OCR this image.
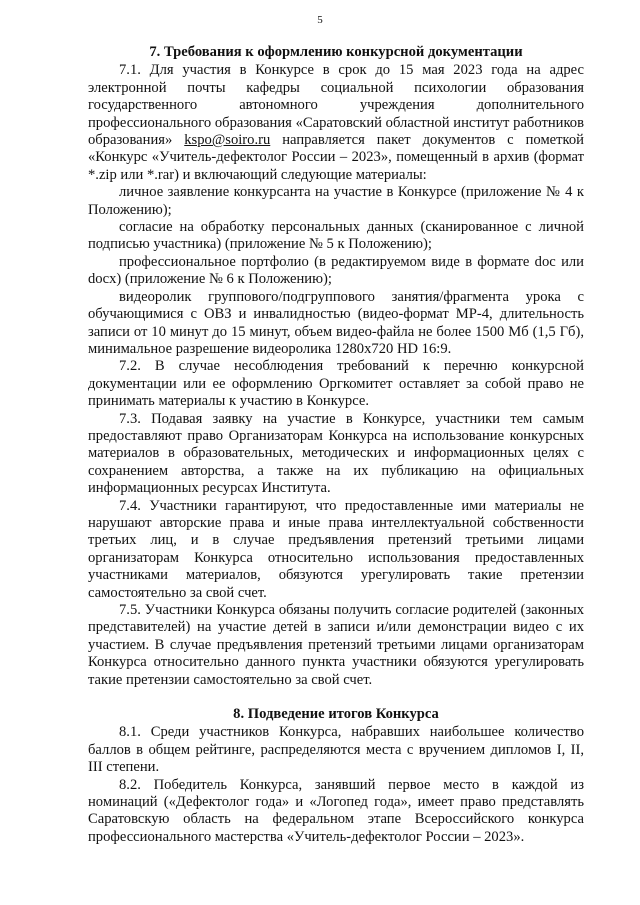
5
7. Требования к оформлению конкурсной документации

7.1. Для участия в Конкурсе в срок до 15 мая 2023 года на адрес электронной почты кафедры социальной психологии образования государственного автономного учреждения дополнительного профессионального образования «Саратовский областной институт работников образования» kspo@soiro.ru направляется пакет документов с пометкой «Конкурс «Учитель-дефектолог России – 2023», помещенный в архив (формат *.zip или *.rar) и включающий следующие материалы:

личное заявление конкурсанта на участие в Конкурсе (приложение № 4 к Положению);

согласие на обработку персональных данных (сканированное с личной подписью участника) (приложение № 5 к Положению);

профессиональное портфолио (в редактируемом виде в формате doc или docx) (приложение № 6 к Положению);

видеоролик группового/подгруппового занятия/фрагмента урока с обучающимися с ОВЗ и инвалидностью (видео-формат МР-4, длительность записи от 10 минут до 15 минут, объем видео-файла не более 1500 Мб (1,5 Гб), минимальное разрешение видеоролика 1280х720 HD 16:9.

7.2. В случае несоблюдения требований к перечню конкурсной документации или ее оформлению Оргкомитет оставляет за собой право не принимать материалы к участию в Конкурсе.

7.3. Подавая заявку на участие в Конкурсе, участники тем самым предоставляют право Организаторам Конкурса на использование конкурсных материалов в образовательных, методических и информационных целях с сохранением авторства, а также на их публикацию на официальных информационных ресурсах Института.

7.4. Участники гарантируют, что предоставленные ими материалы не нарушают авторские права и иные права интеллектуальной собственности третьих лиц, и в случае предъявления претензий третьими лицами организаторам Конкурса относительно использования предоставленных участниками материалов, обязуются урегулировать такие претензии самостоятельно за свой счет.

7.5. Участники Конкурса обязаны получить согласие родителей (законных представителей) на участие детей в записи и/или демонстрации видео с их участием. В случае предъявления претензий третьими лицами организаторам Конкурса относительно данного пункта участники обязуются урегулировать такие претензии самостоятельно за свой счет.

8. Подведение итогов Конкурса

8.1. Среди участников Конкурса, набравших наибольшее количество баллов в общем рейтинге, распределяются места с вручением дипломов I, II, III степени.

8.2. Победитель Конкурса, занявший первое место в каждой из номинаций («Дефектолог года» и «Логопед года», имеет право представлять Саратовскую область на федеральном этапе Всероссийского конкурса профессионального мастерства «Учитель-дефектолог России – 2023».
